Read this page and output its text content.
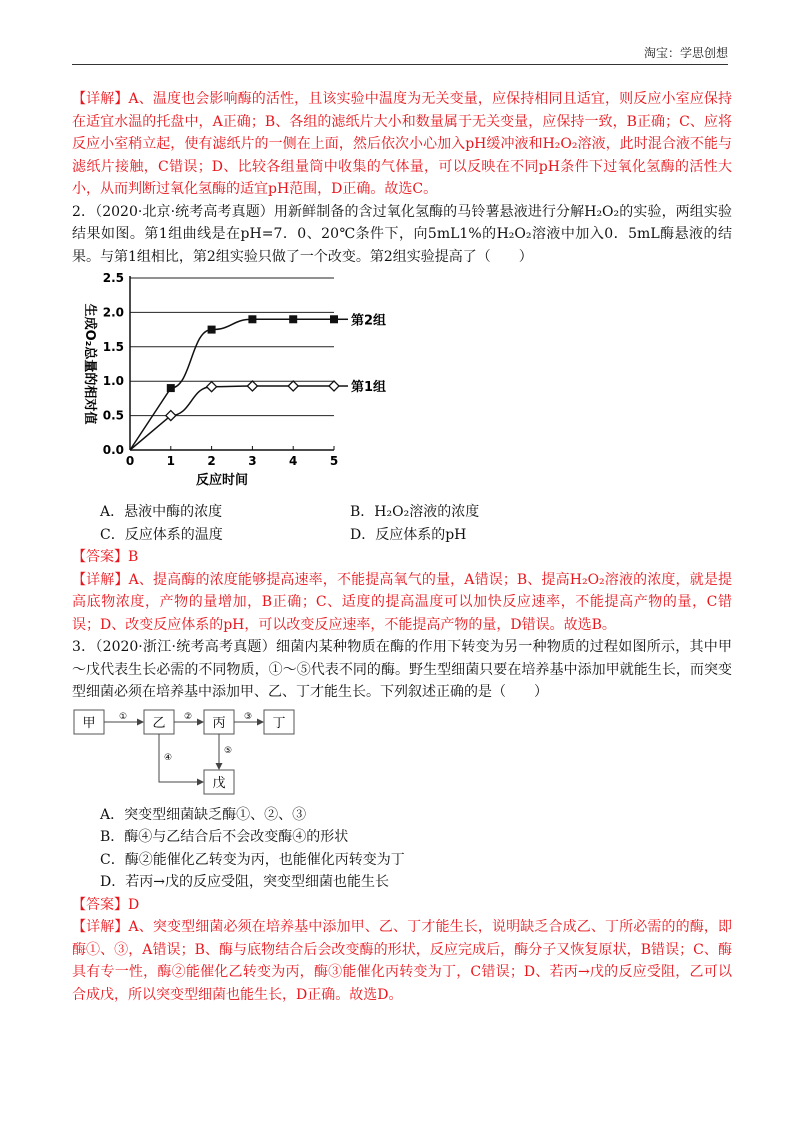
淘宝：学思创想

【详解】A、温度也会影响酶的活性，且该实验中温度为无关变量，应保持相同且适宜，则反应小室应保持在适宜水温的托盘中，A正确；B、各组的滤纸片大小和数量属于无关变量，应保持一致，B正确；C、应将反应小室稍立起，使有滤纸片的一侧在上面，然后依次小心加入pH缓冲液和H₂O₂溶液，此时混合液不能与滤纸片接触，C错误；D、比较各组量筒中收集的气体量，可以反映在不同pH条件下过氧化氢酶的活性大小，从而判断过氧化氢酶的适宜pH范围，D正确。故选C。

2．（2020·北京·统考高考真题）用新鲜制备的含过氧化氢酶的马铃薯悬液进行分解H₂O₂的实验，两组实验结果如图。第1组曲线是在pH=7．0、20℃条件下，向5mL1%的H₂O₂溶液中加入0．5mL酶悬液的结果。与第1组相比，第2组实验只做了一个改变。第2组实验提高了（　　）

0.0
0.5
1.0
1.5
2.0
2.5
0	1	2	3	4	5
反应时间
生成O₂总量的相对值	第2组
第1组
A．悬液中酶的浓度	B．H₂O₂溶液的浓度
C．反应体系的温度	D．反应体系的pH

【答案】B

【详解】A、提高酶的浓度能够提高速率，不能提高氧气的量，A错误；B、提高H₂O₂溶液的浓度，就是提高底物浓度，产物的量增加，B正确；C、适度的提高温度可以加快反应速率，不能提高产物的量，C错误；D、改变反应体系的pH，可以改变反应速率，不能提高产物的量，D错误。故选B。

3．（2020·浙江·统考高考真题）细菌内某种物质在酶的作用下转变为另一种物质的过程如图所示，其中甲～戊代表生长必需的不同物质，①～⑤代表不同的酶。野生型细菌只要在培养基中添加甲就能生长，而突变型细菌必须在培养基中添加甲、乙、丁才能生长。下列叙述正确的是（　　）

甲	乙	丙	丁
戊
①	②	③
④
⑤
A．突变型细菌缺乏酶①、②、③
B．酶④与乙结合后不会改变酶④的形状
C．酶②能催化乙转变为丙，也能催化丙转变为丁
D．若丙→戊的反应受阻，突变型细菌也能生长

【答案】D

【详解】A、突变型细菌必须在培养基中添加甲、乙、丁才能生长，说明缺乏合成乙、丁所必需的的酶，即酶①、③，A错误；B、酶与底物结合后会改变酶的形状，反应完成后，酶分子又恢复原状，B错误；C、酶具有专一性，酶②能催化乙转变为丙，酶③能催化丙转变为丁，C错误；D、若丙→戊的反应受阻，乙可以合成戊，所以突变型细菌也能生长，D正确。故选D。
